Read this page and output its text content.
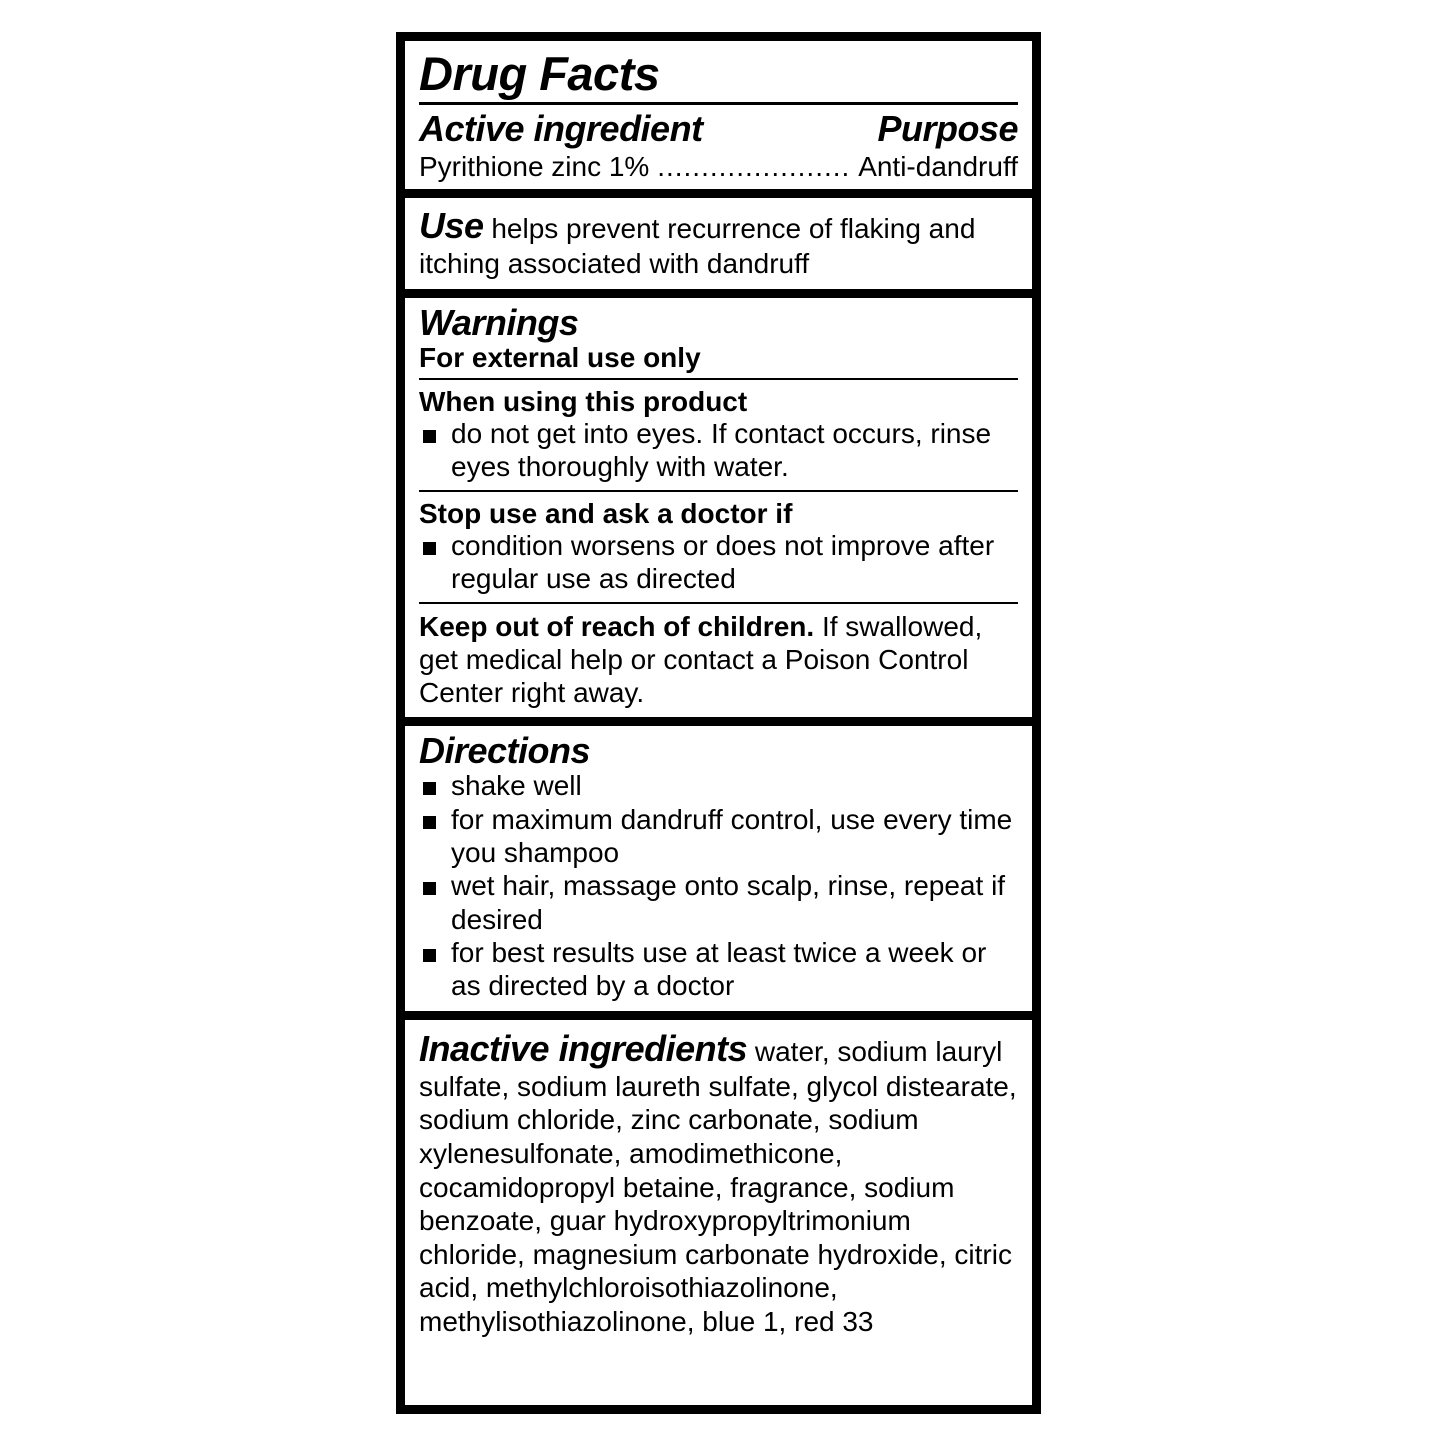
Drug Facts
Active ingredient	Purpose
Pyrithione zinc 1% ...................... Anti-dandruff
Use helps prevent recurrence of flaking and itching associated with dandruff
Warnings
For external use only
When using this product
do not get into eyes. If contact occurs, rinse eyes thoroughly with water.
Stop use and ask a doctor if
condition worsens or does not improve after regular use as directed
Keep out of reach of children. If swallowed, get medical help or contact a Poison Control Center right away.
Directions
shake well
for maximum dandruff control, use every time you shampoo
wet hair, massage onto scalp, rinse, repeat if desired
for best results use at least twice a week or as directed by a doctor
Inactive ingredients water, sodium lauryl sulfate, sodium laureth sulfate, glycol distearate, sodium chloride, zinc carbonate, sodium xylenesulfonate, amodimethicone, cocamidopropyl betaine, fragrance, sodium benzoate, guar hydroxypropyltrimonium chloride, magnesium carbonate hydroxide, citric acid, methylchloroisothiazolinone, methylisothiazolinone, blue 1, red 33
